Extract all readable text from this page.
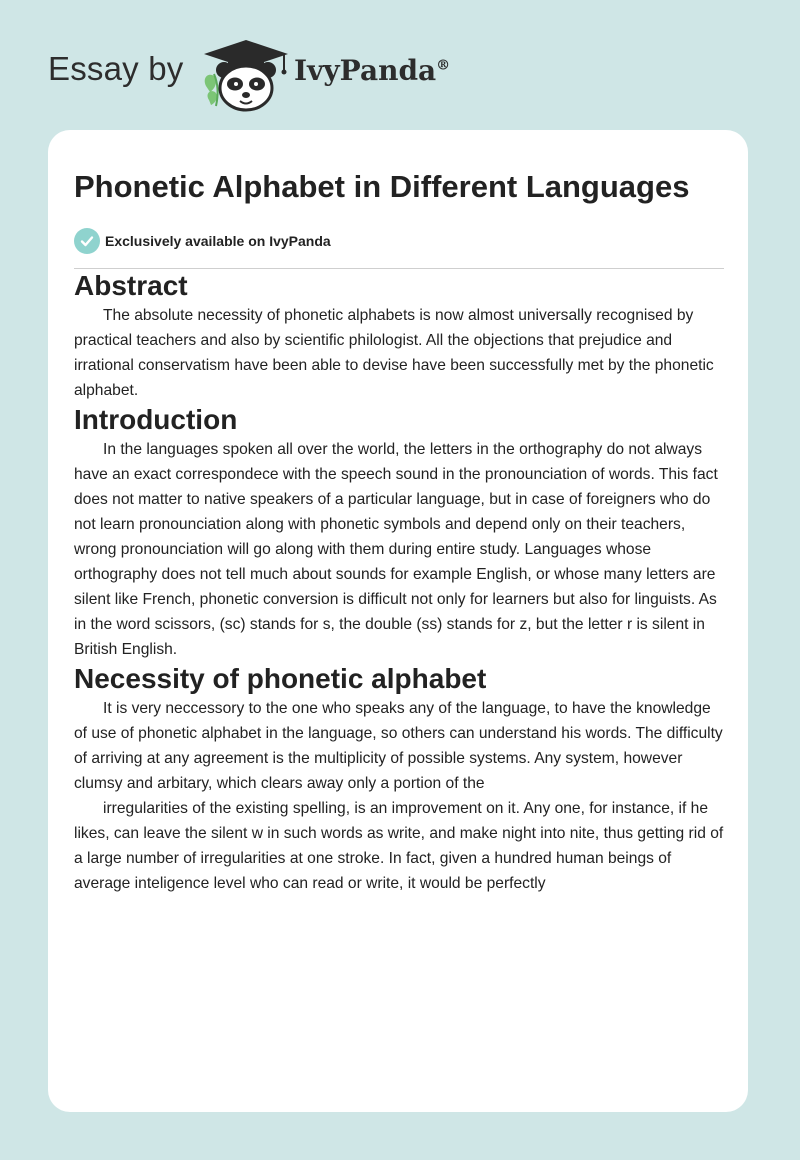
Essay by	IvyPanda®
Phonetic Alphabet in Different Languages
Exclusively available on IvyPanda
Abstract

The absolute necessity of phonetic alphabets is now almost universally recognised by practical teachers and also by scientific philologist. All the objections that prejudice and irrational conservatism have been able to devise have been successfully met by the phonetic alphabet.

Introduction

In the languages spoken all over the world, the letters in the orthography do not always have an exact correspondece with the speech sound in the pronounciation of words. This fact does not matter to native speakers of a particular language, but in case of foreigners who do not learn pronounciation along with phonetic symbols and depend only on their teachers, wrong pronounciation will go along with them during entire study. Languages whose orthography does not tell much about sounds for example English, or whose many letters are silent like French, phonetic conversion is difficult not only for learners but also for linguists. As in the word scissors, (sc) stands for s, the double (ss) stands for z, but the letter r is silent in British English.

Necessity of phonetic alphabet

It is very neccessory to the one who speaks any of the language, to have the knowledge of use of phonetic alphabet in the language, so others can understand his words. The difficulty of arriving at any agreement is the multiplicity of possible systems. Any system, however clumsy and arbitary, which clears away only a portion of the

irregularities of the existing spelling, is an improvement on it. Any one, for instance, if he likes, can leave the silent w in such words as write, and make night into nite, thus getting rid of a large number of irregularities at one stroke. In fact, given a hundred human beings of average inteligence level who can read or write, it would be perfectly
